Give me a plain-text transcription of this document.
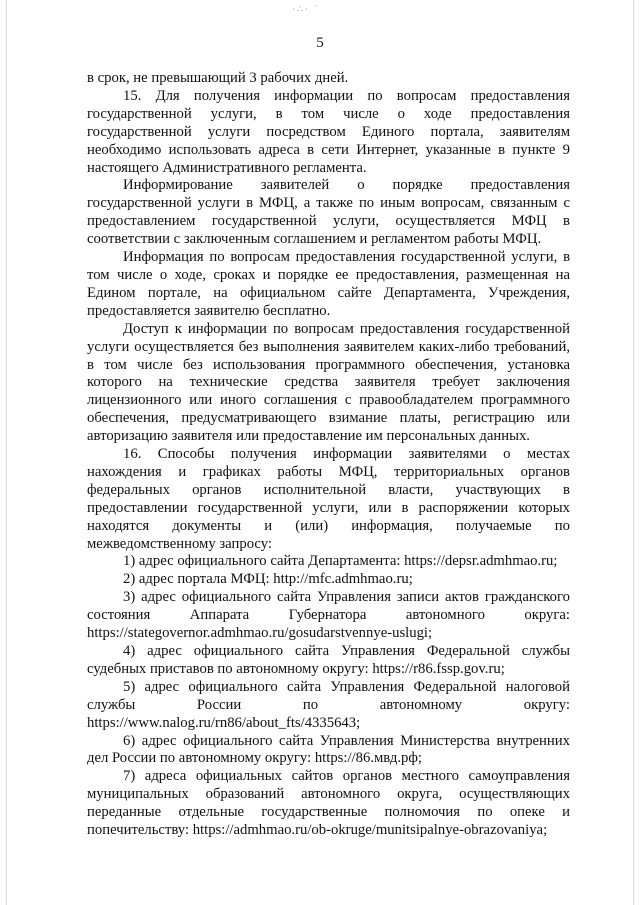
·∴· ˙
5

в срок, не превышающий 3 рабочих дней.

15. Для получения информации по вопросам предоставления государственной услуги, в том числе о ходе предоставления государственной услуги посредством Единого портала, заявителям необходимо использовать адреса в сети Интернет, указанные в пункте 9 настоящего Административного регламента.

Информирование заявителей о порядке предоставления государственной услуги в МФЦ, а также по иным вопросам, связанным с предоставлением государственной услуги, осуществляется МФЦ в соответствии с заключенным соглашением и регламентом работы МФЦ.

Информация по вопросам предоставления государственной услуги, в том числе о ходе, сроках и порядке ее предоставления, размещенная на Едином портале, на официальном сайте Департамента, Учреждения, предоставляется заявителю бесплатно.

Доступ к информации по вопросам предоставления государственной услуги осуществляется без выполнения заявителем каких-либо требований, в том числе без использования программного обеспечения, установка которого на технические средства заявителя требует заключения лицензионного или иного соглашения с правообладателем программного обеспечения, предусматривающего взимание платы, регистрацию или авторизацию заявителя или предоставление им персональных данных.

16. Способы получения информации заявителями о местах нахождения и графиках работы МФЦ, территориальных органов федеральных органов исполнительной власти, участвующих в предоставлении государственной услуги, или в распоряжении которых находятся документы и (или) информация, получаемые по межведомственному запросу:

1) адрес официального сайта Департамента: https://depsr.admhmao.ru;

2) адрес портала МФЦ: http://mfc.admhmao.ru;

3) адрес официального сайта Управления записи актов гражданского состояния Аппарата Губернатора автономного округа: https://stategovernor.admhmao.ru/gosudarstvennye-uslugi;

4) адрес официального сайта Управления Федеральной службы судебных приставов по автономному округу: https://r86.fssp.gov.ru;

5) адрес официального сайта Управления Федеральной налоговой службы России по автономному округу: https://www.nalog.ru/rn86/about_fts/4335643;

6) адрес официального сайта Управления Министерства внутренних дел России по автономному округу: https://86.мвд.рф;

7) адреса официальных сайтов органов местного самоуправления муниципальных образований автономного округа, осуществляющих переданные отдельные государственные полномочия по опеке и попечительству: https://admhmao.ru/ob-okruge/munitsipalnye-obrazovaniya;
